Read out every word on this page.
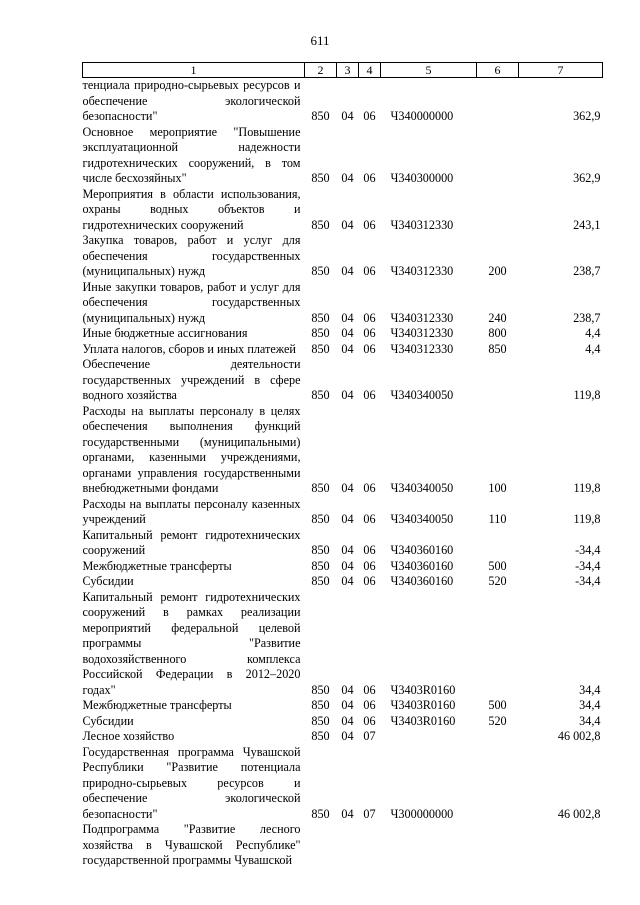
611
1	2	3	4	5	6	7
тенциала природно-сырьевых ресурсов и обеспечение экологической безопасности"	850	04	06	Ч340000000		362,9
Основное мероприятие "Повышение эксплуатационной надежности гидротехнических сооружений, в том числе бесхозяйных"	850	04	06	Ч340300000		362,9
Мероприятия в области использования, охраны водных объектов и гидротехнических сооружений	850	04	06	Ч340312330		243,1
Закупка товаров, работ и услуг для обеспечения государственных (муниципальных) нужд	850	04	06	Ч340312330	200	238,7
Иные закупки товаров, работ и услуг для обеспечения государственных (муниципальных) нужд	850	04	06	Ч340312330	240	238,7
Иные бюджетные ассигнования	850	04	06	Ч340312330	800	4,4
Уплата налогов, сборов и иных платежей	850	04	06	Ч340312330	850	4,4
Обеспечение деятельности государственных учреждений в сфере водного хозяйства	850	04	06	Ч340340050		119,8
Расходы на выплаты персоналу в целях обеспечения выполнения функций государственными (муниципальными) органами, казенными учреждениями, органами управления государственными внебюджетными фондами	850	04	06	Ч340340050	100	119,8
Расходы на выплаты персоналу казенных учреждений	850	04	06	Ч340340050	110	119,8
Капитальный ремонт гидротехнических сооружений	850	04	06	Ч340360160		-34,4
Межбюджетные трансферты	850	04	06	Ч340360160	500	-34,4
Субсидии	850	04	06	Ч340360160	520	-34,4
Капитальный ремонт гидротехнических сооружений в рамках реализации мероприятий федеральной целевой программы "Развитие водохозяйственного комплекса Российской Федерации в 2012–2020 годах"	850	04	06	Ч3403R0160		34,4
Межбюджетные трансферты	850	04	06	Ч3403R0160	500	34,4
Субсидии	850	04	06	Ч3403R0160	520	34,4
Лесное хозяйство	850	04	07			46 002,8
Государственная программа Чувашской Республики "Развитие потенциала природно-сырьевых ресурсов и обеспечение экологической безопасности"	850	04	07	Ч300000000		46 002,8
Подпрограмма "Развитие лесного хозяйства в Чувашской Республике" государственной программы Чувашской						
